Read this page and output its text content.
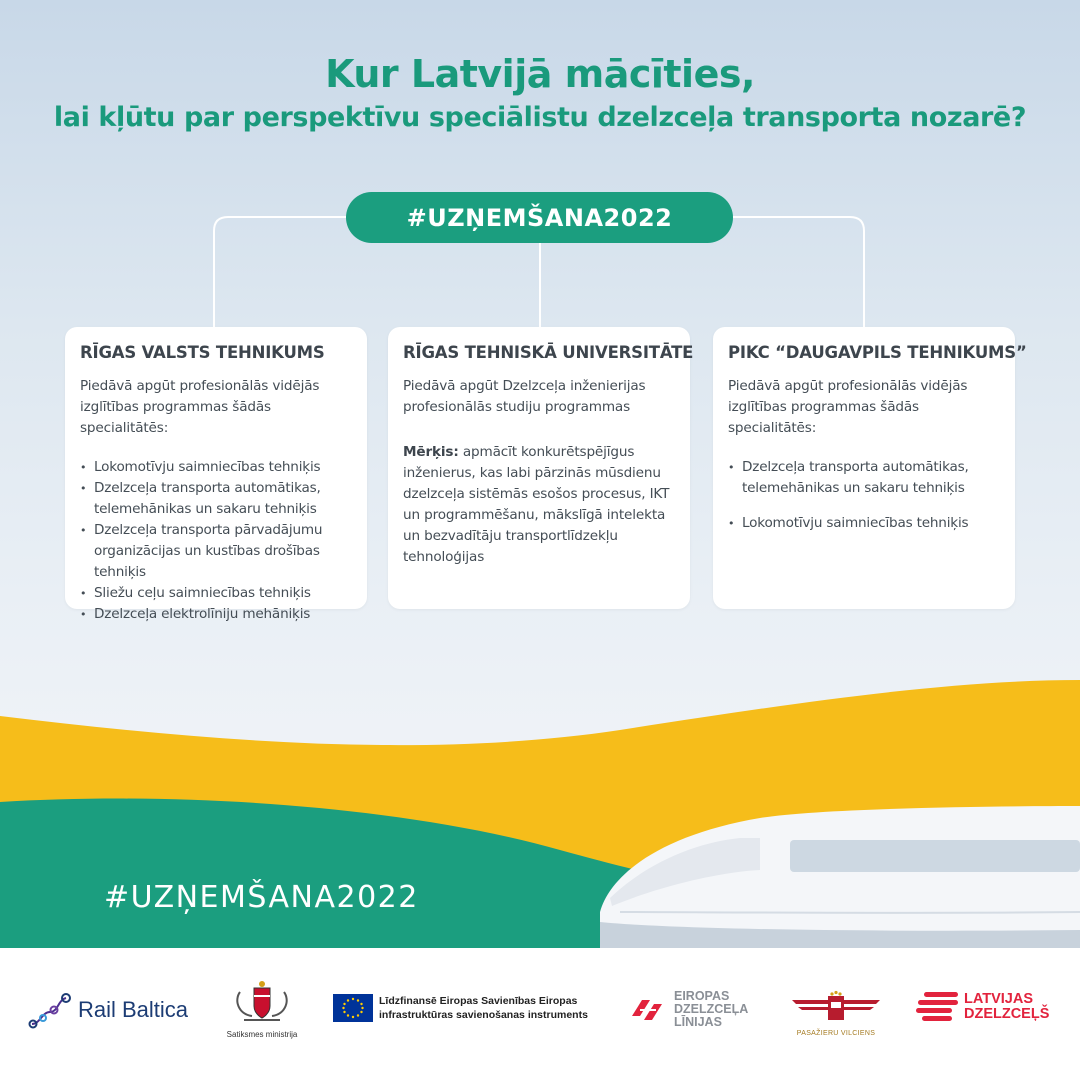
Kur Latvijā mācīties,
lai kļūtu par perspektīvu speciālistu dzelzceļa transporta nozarē?
#UZŅEMŠANA2022
RĪGAS VALSTS TEHNIKUMS

Piedāvā apgūt profesionālās vidējās izglītības programmas šādās specialitātēs:

• Lokomotīvju saimniecības tehniķis
• Dzelzceļa transporta automātikas, telemehānikas un sakaru tehniķis
• Dzelzceļa transporta pārvadājumu organizācijas un kustības drošības tehniķis
• Sliežu ceļu saimniecības tehniķis
• Dzelzceļa elektrolīniju mehāniķis
RĪGAS TEHNISKĀ UNIVERSITĀTE

Piedāvā apgūt Dzelzceļa inženierijas profesionālās studiju programmas

Mērķis: apmācīt konkurētspējīgus inženierus, kas labi pārzinās mūsdienu dzelzceļa sistēmās esošos procesus, IKT un programmēšanu, mākslīgā intelekta un bezvadītāju transportlīdzekļu tehnoloģijas

PIKC “DAUGAVPILS TEHNIKUMS”

Piedāvā apgūt profesionālās vidējās izglītības programmas šādās specialitātēs:

• Dzelzceļa transporta automātikas, telemehānikas un sakaru tehniķis
• Lokomotīvju saimniecības tehniķis
#UZŅEMŠANA2022
Rail Baltica
Satiksmes ministrija
Līdzfinansē Eiropas Savienības Eiropas
infrastruktūras savienošanas instruments
EIROPAS
DZELZCEĻA
LĪNIJAS
PASAŽIERU VILCIENS
LATVIJAS
DZELZCEĻŠ
